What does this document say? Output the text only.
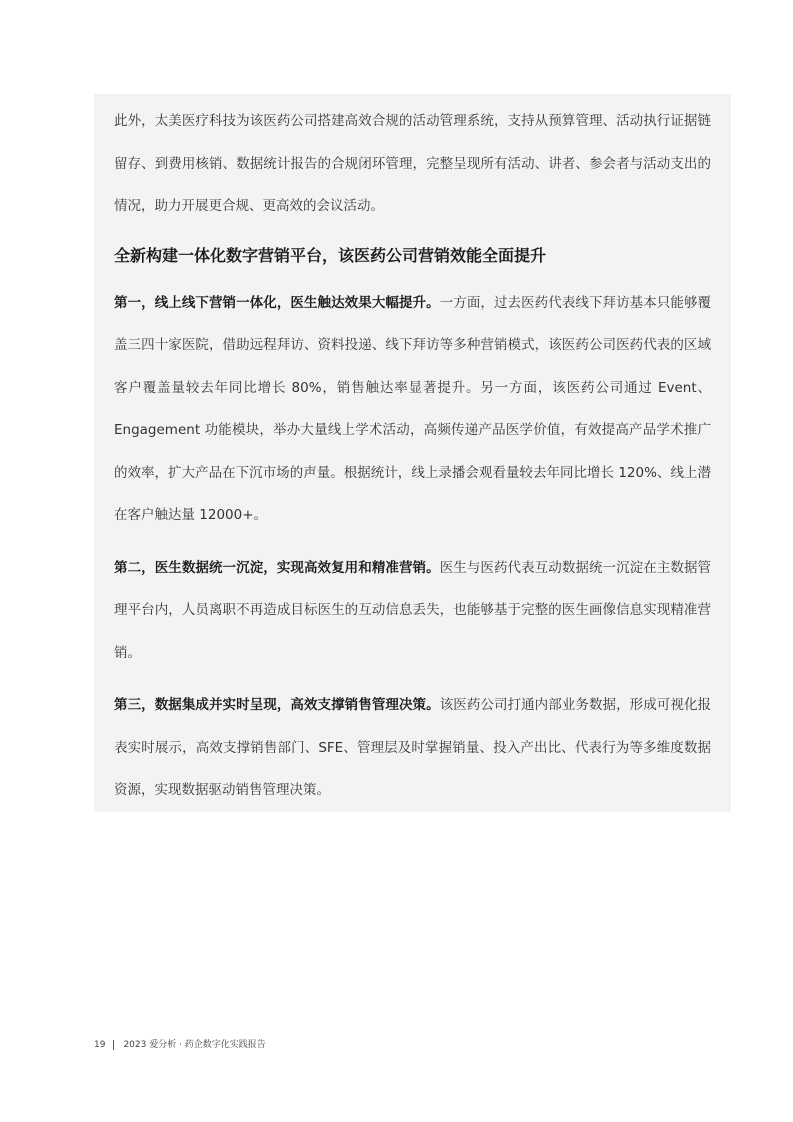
此外，太美医疗科技为该医药公司搭建高效合规的活动管理系统，支持从预算管理、活动执行证据链留存、到费用核销、数据统计报告的合规闭环管理，完整呈现所有活动、讲者、参会者与活动支出的情况，助力开展更合规、更高效的会议活动。

全新构建一体化数字营销平台，该医药公司营销效能全面提升

第一，线上线下营销一体化，医生触达效果大幅提升。一方面，过去医药代表线下拜访基本只能够覆盖三四十家医院，借助远程拜访、资料投递、线下拜访等多种营销模式，该医药公司医药代表的区域客户覆盖量较去年同比增长 80%，销售触达率显著提升。另一方面，该医药公司通过 Event、Engagement 功能模块，举办大量线上学术活动，高频传递产品医学价值，有效提高产品学术推广的效率，扩大产品在下沉市场的声量。根据统计，线上录播会观看量较去年同比增长 120%、线上潜在客户触达量 12000+。

第二，医生数据统一沉淀，实现高效复用和精准营销。医生与医药代表互动数据统一沉淀在主数据管理平台内，人员离职不再造成目标医生的互动信息丢失，也能够基于完整的医生画像信息实现精准营销。

第三，数据集成并实时呈现，高效支撑销售管理决策。该医药公司打通内部业务数据，形成可视化报表实时展示，高效支撑销售部门、SFE、管理层及时掌握销量、投入产出比、代表行为等多维度数据资源，实现数据驱动销售管理决策。

19 2023 爱分析 · 药企数字化实践报告
